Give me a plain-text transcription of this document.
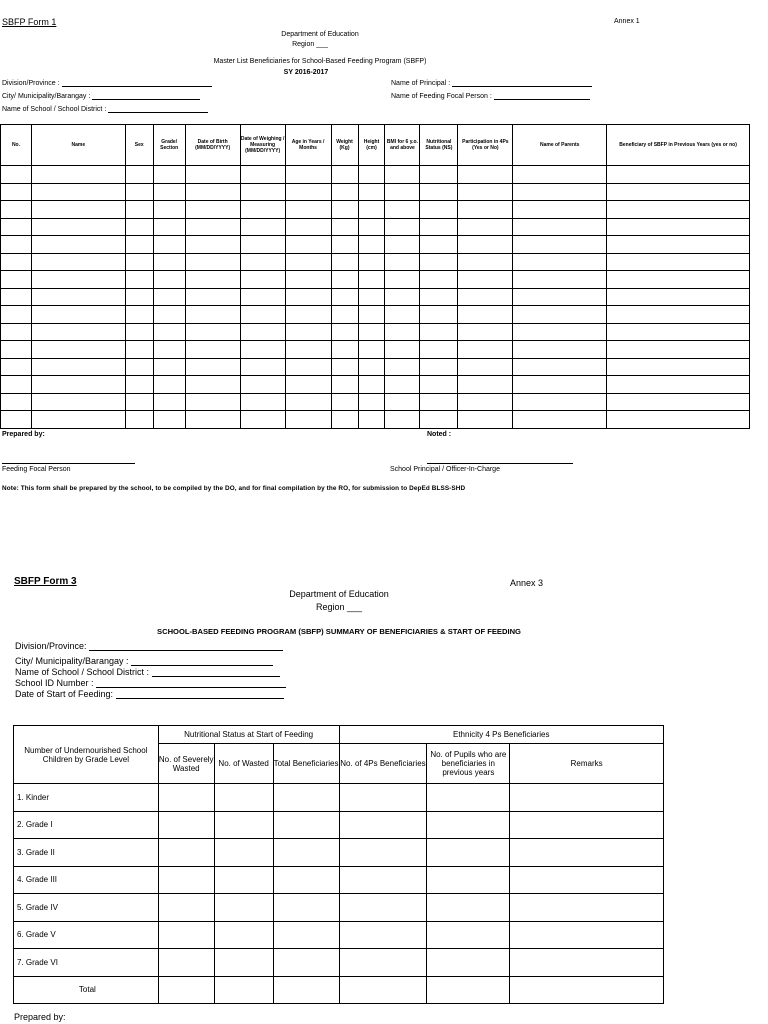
SBFP Form 1	Annex 1
Department of Education
Region ___
Master List Beneficiaries for School-Based Feeding Program (SBFP)
SY 2016-2017
Division/Province :
City/ Municipality/Barangay :
Name of School / School District :
Name of Principal :
Name of Feeding Focal Person :
No.	Name	Sex	Grade/ Section	Date of Birth (MM/DD/YYYY)	Date of Weighing / Measuring (MM/DD/YYYY)	Age in Years / Months	Weight (Kg)	Height (cm)	BMI for 6 y.o. and above	Nutritional Status (NS)	Participation in 4Ps (Yes or No)	Name of Parents	Beneficiary of SBFP in Previous Years (yes or no)

Prepared by:	Noted :
Feeding Focal Person	School Principal / Officer-In-Charge
Note: This form shall be prepared by the school, to be compiled by the DO, and for final compilation by the RO, for submission to DepEd BLSS-SHD
SBFP Form 3	Annex 3
Department of Education
Region ___
SCHOOL-BASED FEEDING PROGRAM (SBFP) SUMMARY OF BENEFICIARIES & START OF FEEDING
Division/Province:
City/ Municipality/Barangay :
Name of School / School District :
School ID Number :
Date of Start of Feeding:
Number of Undernourished School Children by Grade Level	Nutritional Status at Start of Feeding			Ethnicity 4 Ps Beneficiaries		
	No. of Severely Wasted	No. of Wasted	Total Beneficiaries	No. of 4Ps Beneficiaries	No. of Pupils who are beneficiaries in previous years	Remarks
1. Kinder						
2. Grade I						
3. Grade II						
4. Grade III						
5. Grade IV						
6. Grade V						
7. Grade VI						
Total						
Prepared by:
